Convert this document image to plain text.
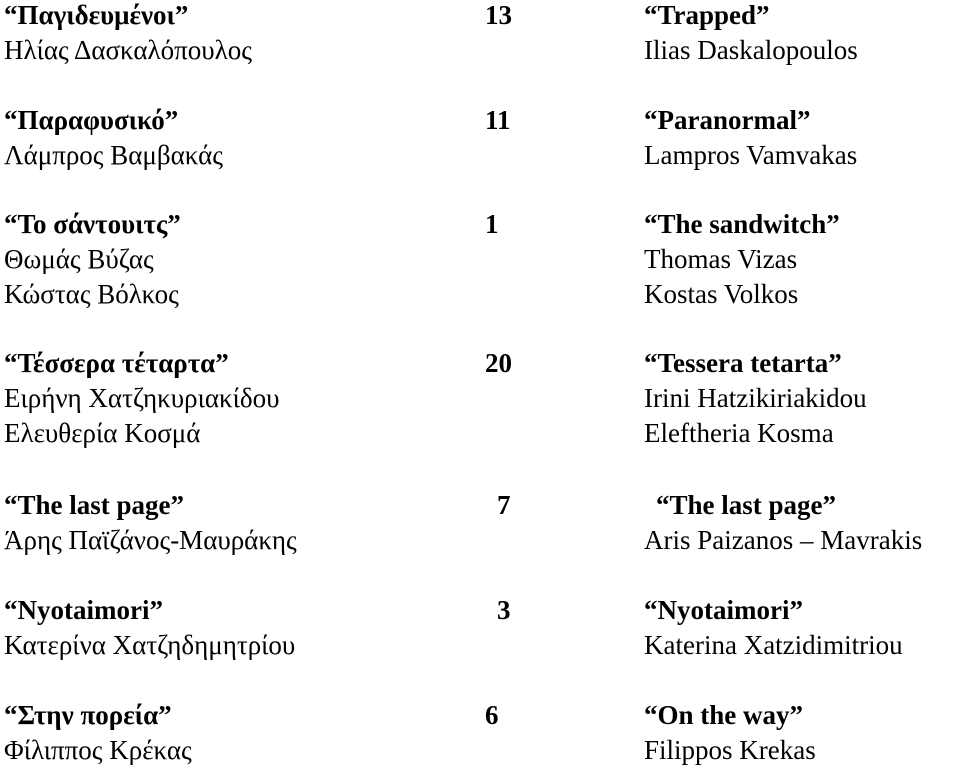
“Παγιδευμένοι”	13	“Trapped”
Ηλίας Δασκαλόπουλος	Ilias Daskalopoulos
“Παραφυσικό”	11	“Paranormal”
Λάμπρος Βαμβακάς	Lampros Vamvakas
“Το σάντουιτς”	1	“The sandwitch”
Θωμάς Βύζας	Thomas Vizas
Κώστας Βόλκος	Kostas Volkos
“Τέσσερα τέταρτα”	20	“Tessera tetarta”
Ειρήνη Χατζηκυριακίδου	Irini Hatzikiriakidou
Ελευθερία Κοσμά	Eleftheria Kosma
“The last page”	7	“The last page”
Άρης Παϊζάνος-Μαυράκης	Aris Paizanos – Mavrakis
“Nyotaimori”	3	“Nyotaimori”
Κατερίνα Χατζηδημητρίου	Katerina Xatzidimitriou
“Στην πορεία”	6	“On the way”
Φίλιππος Κρέκας	Filippos Krekas
